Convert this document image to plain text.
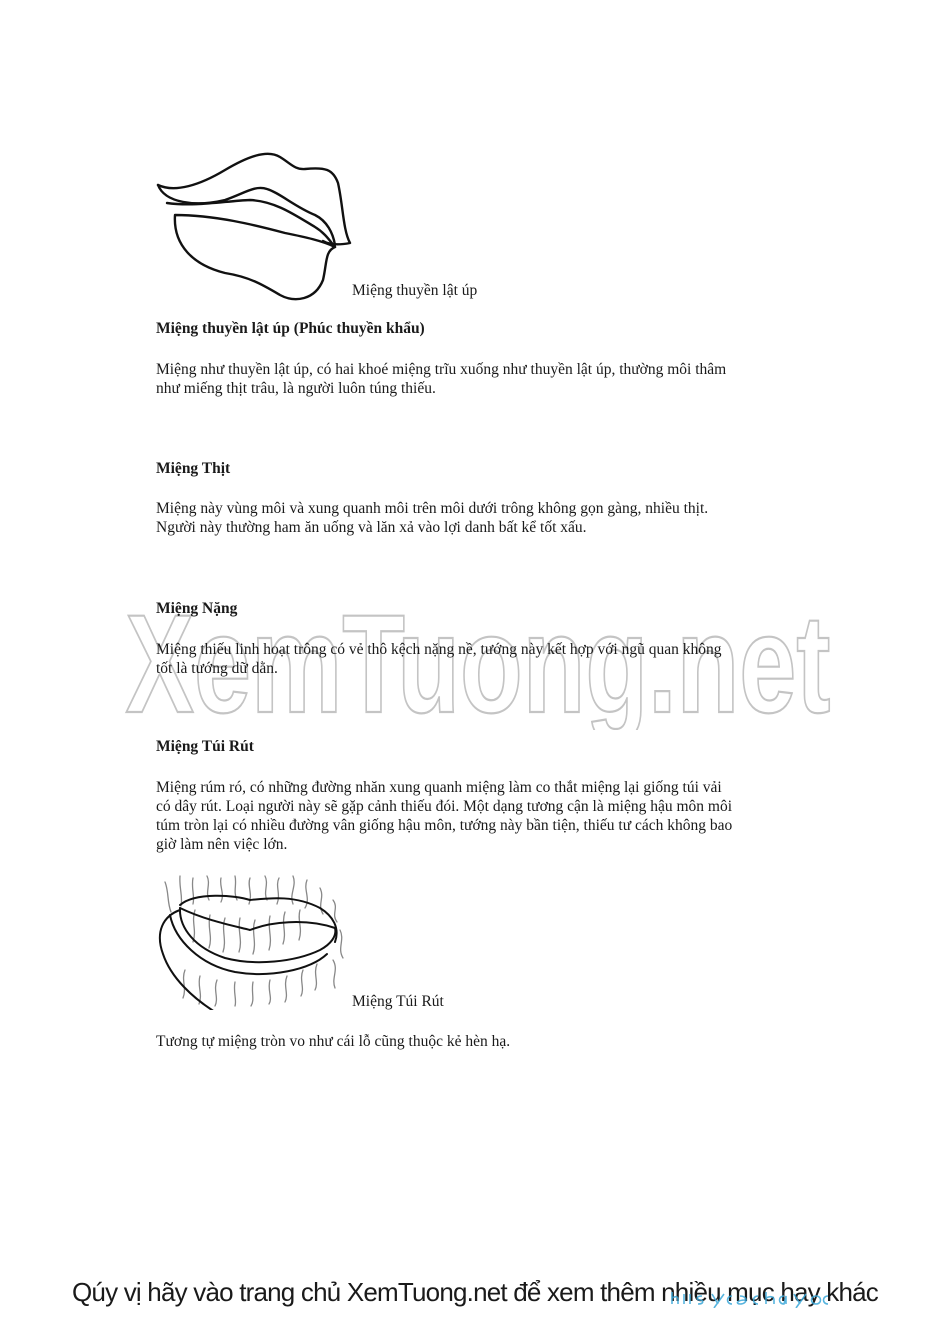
Miệng thuyền lật úp
Miệng thuyền lật úp (Phúc thuyền khẩu)
Miệng như thuyền lật úp, có hai khoé miệng trĩu xuống như thuyền lật úp, thường môi thâm
như miếng thịt trâu, là người luôn túng thiếu.
Miệng Thịt
Miệng này vùng môi và xung quanh môi trên môi dưới trông không gọn gàng, nhiều thịt.
Người này thường ham ăn uống và lăn xả vào lợi danh bất kể tốt xấu.
XemTuong.net
Miệng Nặng
Miệng thiếu linh hoạt trông có vẻ thô kệch nặng nề, tướng này kết hợp với ngũ quan không
tốt là tướng dữ dằn.
Miệng Túi Rút
Miệng rúm ró, có những đường nhăn xung quanh miệng làm co thắt miệng lại giống túi vải
có dây rút. Loại người này sẽ gặp cảnh thiếu đói. Một dạng tương cận là miệng hậu môn môi
túm tròn lại có nhiều đường vân giống hậu môn, tướng này bần tiện, thiếu tư cách không bao
giờ làm nên việc lớn.
Miệng Túi Rút
Tương tự miệng tròn vo như cái lỗ cũng thuộc kẻ hèn hạ.
Qúy vị hãy vào trang chủ XemTuong.net để xem thêm nhiều mục hay khác
